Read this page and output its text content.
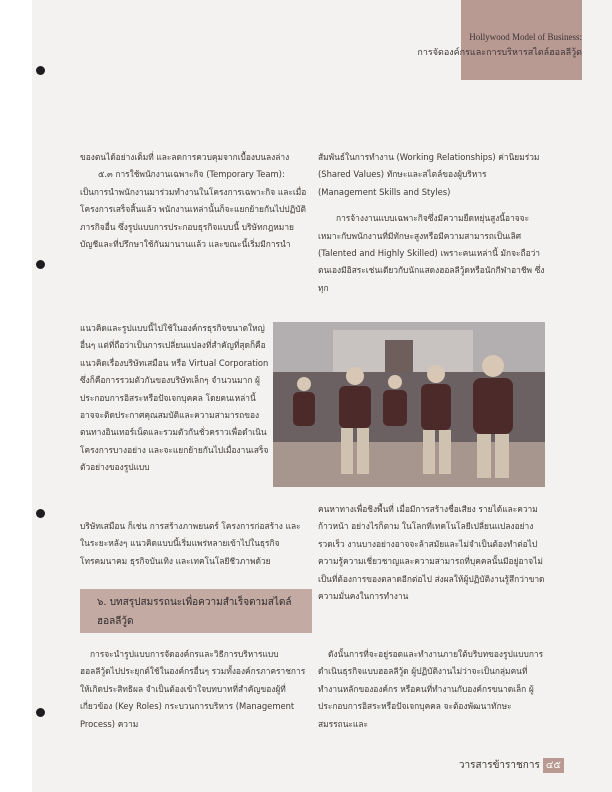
Hollywood Model of Business:
การจัดองค์กรและการบริหารสไตล์ฮอลลีวู้ด

ของตนได้อย่างเต็มที่ และลดการควบคุมจากเบื้องบนลงล่าง

๕.๓ การใช้พนักงานเฉพาะกิจ (Temporary Team): เป็นการนำพนักงานมาร่วมทำงานในโครงการเฉพาะกิจ และเมื่อโครงการเสร็จสิ้นแล้ว พนักงานเหล่านั้นก็จะแยกย้ายกันไปปฏิบัติภารกิจอื่น ซึ่งรูปแบบการประกอบธุรกิจแบบนี้ บริษัทกฎหมาย บัญชีและที่ปรึกษาใช้กันมานานแล้ว และขณะนี้เริ่มมีการนำ

แนวคิดและรูปแบบนี้ไปใช้ในองค์กรธุรกิจขนาดใหญ่อื่นๆ แต่ที่ถือว่าเป็นการเปลี่ยนแปลงที่สำคัญที่สุดก็คือแนวคิดเรื่องบริษัทเสมือน หรือ Virtual Corporation ซึ่งก็คือการรวมตัวกันของบริษัทเล็กๆ จำนวนมาก ผู้ประกอบการอิสระหรือปัจเจกบุคคล โดยคนเหล่านี้อาจจะติดประกาศคุณสมบัติและความสามารถของตนทางอินเทอร์เน็ตและรวมตัวกันชั่วคราวเพื่อดำเนินโครงการบางอย่าง และจะแยกย้ายกันไปเมื่องานเสร็จ ตัวอย่างของรูปแบบ

บริษัทเสมือน ก็เช่น การสร้างภาพยนตร์ โครงการก่อสร้าง และในระยะหลังๆ แนวคิดแบบนี้เริ่มแพร่หลายเข้าไปในธุรกิจโทรคมนาคม ธุรกิจบันเทิง และเทคโนโลยีชีวภาพด้วย

สัมพันธ์ในการทำงาน (Working Relationships) ค่านิยมร่วม (Shared Values) ทักษะและสไตล์ของผู้บริหาร (Management Skills and Styles)

การจ้างงานแบบเฉพาะกิจซึ่งมีความยืดหยุ่นสูงนี้อาจจะเหมาะกับพนักงานที่มีทักษะสูงหรือมีความสามารถเป็นเลิศ (Talented and Highly Skilled) เพราะคนเหล่านี้ มักจะถือว่าตนเองมีอิสระเช่นเดียวกับนักแสดงฮอลลีวู้ดหรือนักกีฬาอาชีพ ซึ่งทุก

คนหาทางเพื่อชิงพื้นที่ เมื่อมีการสร้างชื่อเสียง รายได้และความก้าวหน้า อย่างไรก็ตาม ในโลกที่เทคโนโลยีเปลี่ยนแปลงอย่างรวดเร็ว งานบางอย่างอาจจะล้าสมัยและไม่จำเป็นต้องทำต่อไป ความรู้ความเชี่ยวชาญและความสามารถที่บุคคลนั้นมีอยู่อาจไม่เป็นที่ต้องการของตลาดอีกต่อไป ส่งผลให้ผู้ปฏิบัติงานรู้สึกว่าขาดความมั่นคงในการทำงาน

๖. บทสรุปสมรรถนะเพื่อความสำเร็จตามสไตล์ฮอลลีวู้ด

การจะนำรูปแบบการจัดองค์กรและวิธีการบริหารแบบฮอลลีวู้ดไปประยุกต์ใช้ในองค์กรอื่นๆ รวมทั้งองค์กรภาคราชการให้เกิดประสิทธิผล จำเป็นต้องเข้าใจบทบาทที่สำคัญของผู้ที่เกี่ยวข้อง (Key Roles) กระบวนการบริหาร (Management Process) ความ

ดังนั้นการที่จะอยู่รอดและทำงานภายใต้บริบทของรูปแบบการดำเนินธุรกิจแบบฮอลลีวู้ด ผู้ปฏิบัติงานไม่ว่าจะเป็นกลุ่มคนที่ทำงานหลักขององค์กร หรือคนที่ทำงานกับองค์กรขนาดเล็ก ผู้ประกอบการอิสระหรือปัจเจกบุคคล จะต้องพัฒนาทักษะ สมรรถนะและ

วารสารข้าราชการ ๔๕
